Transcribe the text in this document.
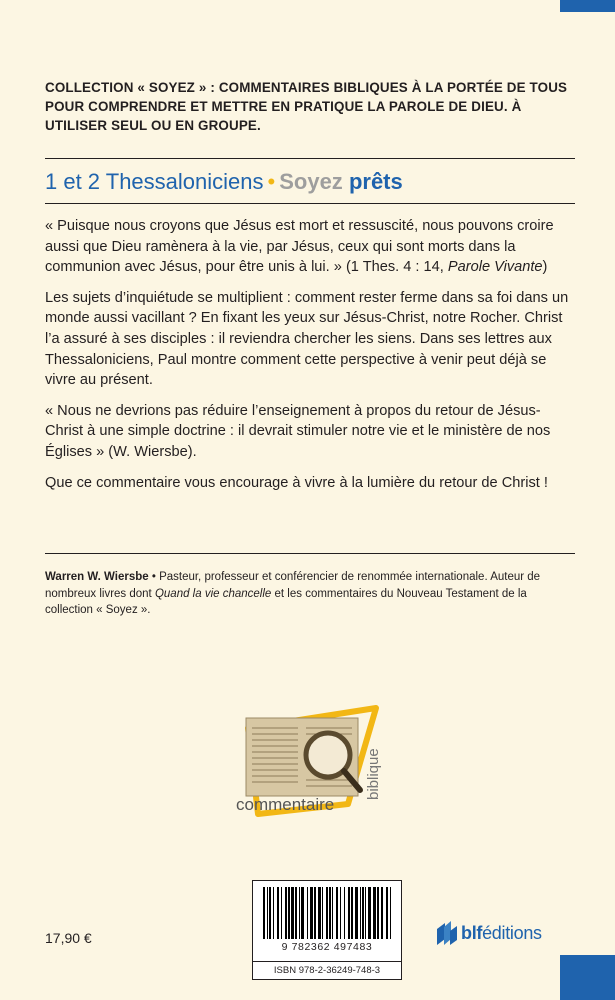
COLLECTION « SOYEZ » : COMMENTAIRES BIBLIQUES À LA PORTÉE DE TOUS POUR COMPRENDRE ET METTRE EN PRATIQUE LA PAROLE DE DIEU. À UTILISER SEUL OU EN GROUPE.
1 et 2 Thessaloniciens • Soyez prêts

« Puisque nous croyons que Jésus est mort et ressuscité, nous pouvons croire aussi que Dieu ramènera à la vie, par Jésus, ceux qui sont morts dans la communion avec Jésus, pour être unis à lui. » (1 Thes. 4 : 14, Parole Vivante)

Les sujets d’inquiétude se multiplient : comment rester ferme dans sa foi dans un monde aussi vacillant ? En fixant les yeux sur Jésus-Christ, notre Rocher. Christ l’a assuré à ses disciples : il reviendra chercher les siens. Dans ses lettres aux Thessaloniciens, Paul montre comment cette perspective à venir peut déjà se vivre au présent.

« Nous ne devrions pas réduire l’enseignement à propos du retour de Jésus-Christ à une simple doctrine : il devrait stimuler notre vie et le ministère de nos Églises » (W. Wiersbe).

Que ce commentaire vous encourage à vivre à la lumière du retour de Christ !

Warren W. Wiersbe • Pasteur, professeur et conférencier de renommée internationale. Auteur de nombreux livres dont Quand la vie chancelle et les commentaires du Nouveau Testament de la collection « Soyez ».
commentaire
biblique
17,90 €
9 782362 497483
ISBN 978-2-36249-748-3
blféditions
